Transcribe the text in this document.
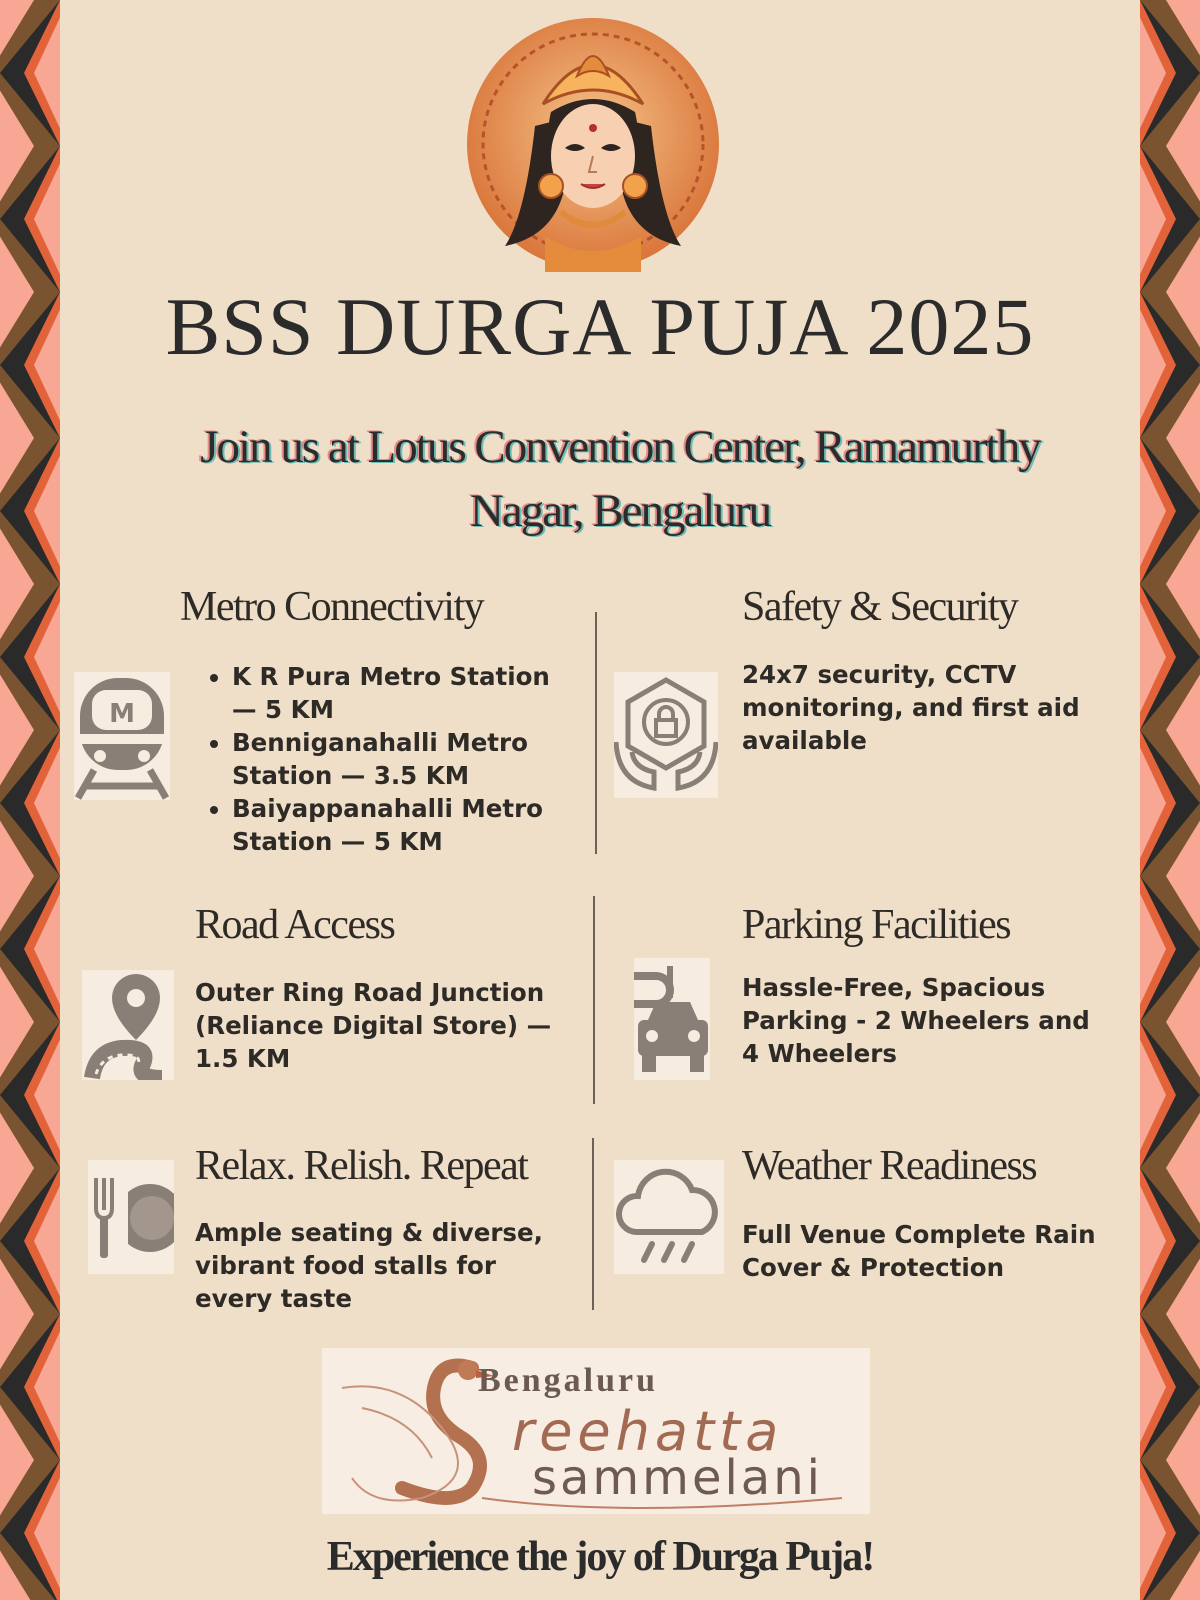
BSS DURGA PUJA 2025
Join us at Lotus Convention Center, Ramamurthy
Nagar, Bengaluru
Metro Connectivity
M
• K R Pura Metro Station — 5 KM
• Benniganahalli Metro Station — 3.5 KM
• Baiyappanahalli Metro Station — 5 KM
Safety & Security
24x7 security, CCTV monitoring, and first aid available
Road Access
Outer Ring Road Junction (Reliance Digital Store) — 1.5 KM
Parking Facilities
Hassle-Free, Spacious Parking - 2 Wheelers and 4 Wheelers
Relax. Relish. Repeat
Ample seating & diverse, vibrant food stalls for every taste
Weather Readiness
Full Venue Complete Rain Cover & Protection
Bengaluru
reehatta
sammelani
Experience the joy of Durga Puja!
